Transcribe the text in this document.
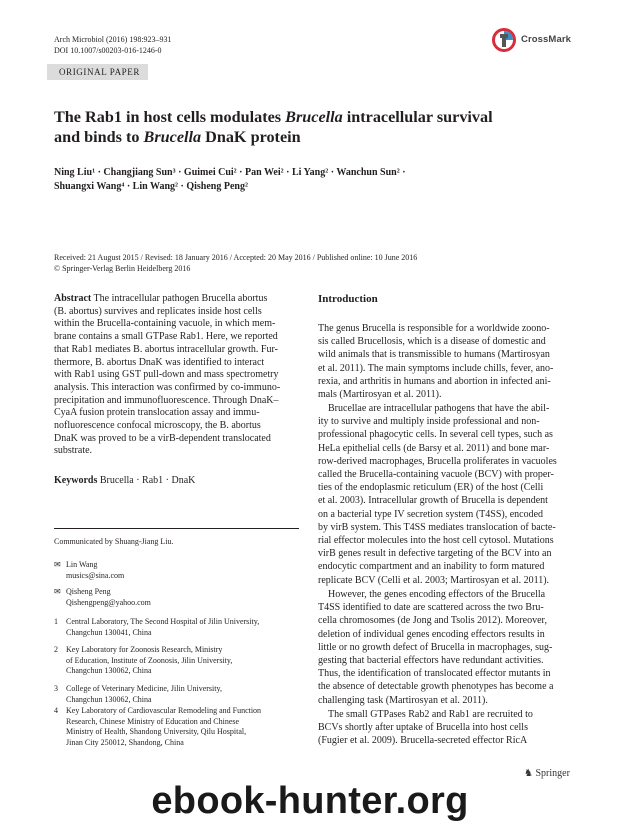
Arch Microbiol (2016) 198:923–931
DOI 10.1007/s00203-016-1246-0
CrossMark
ORIGINAL PAPER
The Rab1 in host cells modulates Brucella intracellular survival
and binds to Brucella DnaK protein
Ning Liu¹ · Changjiang Sun³ · Guimei Cui² · Pan Wei² · Li Yang² · Wanchun Sun² ·
Shuangxi Wang⁴ · Lin Wang² · Qisheng Peng²
Received: 21 August 2015 / Revised: 18 January 2016 / Accepted: 20 May 2016 / Published online: 10 June 2016
© Springer-Verlag Berlin Heidelberg 2016
Abstract The intracellular pathogen Brucella abortus
(B. abortus) survives and replicates inside host cells
within the Brucella-containing vacuole, in which mem-
brane contains a small GTPase Rab1. Here, we reported
that Rab1 mediates B. abortus intracellular growth. Fur-
thermore, B. abortus DnaK was identified to interact
with Rab1 using GST pull-down and mass spectrometry
analysis. This interaction was confirmed by co-immuno-
precipitation and immunofluorescence. Through DnaK–
CyaA fusion protein translocation assay and immu-
nofluorescence confocal microscopy, the B. abortus
DnaK was proved to be a virB-dependent translocated
substrate.
Keywords Brucella · Rab1 · DnaK
Communicated by Shuang-Jiang Liu.
✉ Lin Wang
musics@sina.com
✉ Qisheng Peng
Qishengpeng@yahoo.com
1 Central Laboratory, The Second Hospital of Jilin University,
Changchun 130041, China
2 Key Laboratory for Zoonosis Research, Ministry
of Education, Institute of Zoonosis, Jilin University,
Changchun 130062, China
3 College of Veterinary Medicine, Jilin University,
Changchun 130062, China
4 Key Laboratory of Cardiovascular Remodeling and Function
Research, Chinese Ministry of Education and Chinese
Ministry of Health, Shandong University, Qilu Hospital,
Jinan City 250012, Shandong, China
Introduction
The genus Brucella is responsible for a worldwide zoono-
sis called Brucellosis, which is a disease of domestic and
wild animals that is transmissible to humans (Martirosyan
et al. 2011). The main symptoms include chills, fever, ano-
rexia, and arthritis in humans and abortion in infected ani-
mals (Martirosyan et al. 2011).
Brucellae are intracellular pathogens that have the abil-
ity to survive and multiply inside professional and non-
professional phagocytic cells. In several cell types, such as
HeLa epithelial cells (de Barsy et al. 2011) and bone mar-
row-derived macrophages, Brucella proliferates in vacuoles
called the Brucella-containing vacuole (BCV) with proper-
ties of the endoplasmic reticulum (ER) of the host (Celli
et al. 2003). Intracellular growth of Brucella is dependent
on a bacterial type IV secretion system (T4SS), encoded
by virB system. This T4SS mediates translocation of bacte-
rial effector molecules into the host cell cytosol. Mutations
virB genes result in defective targeting of the BCV into an
endocytic compartment and an inability to form matured
replicate BCV (Celli et al. 2003; Martirosyan et al. 2011).
However, the genes encoding effectors of the Brucella
T4SS identified to date are scattered across the two Bru-
cella chromosomes (de Jong and Tsolis 2012). Moreover,
deletion of individual genes encoding effectors results in
little or no growth defect of Brucella in macrophages, sug-
gesting that bacterial effectors have redundant activities.
Thus, the identification of translocated effector mutants in
the absence of detectable growth phenotypes has become a
challenging task (Martirosyan et al. 2011).
The small GTPases Rab2 and Rab1 are recruited to
BCVs shortly after uptake of Brucella into host cells
(Fugier et al. 2009). Brucella-secreted effector RicA
♞ Springer
ebook-hunter.org
